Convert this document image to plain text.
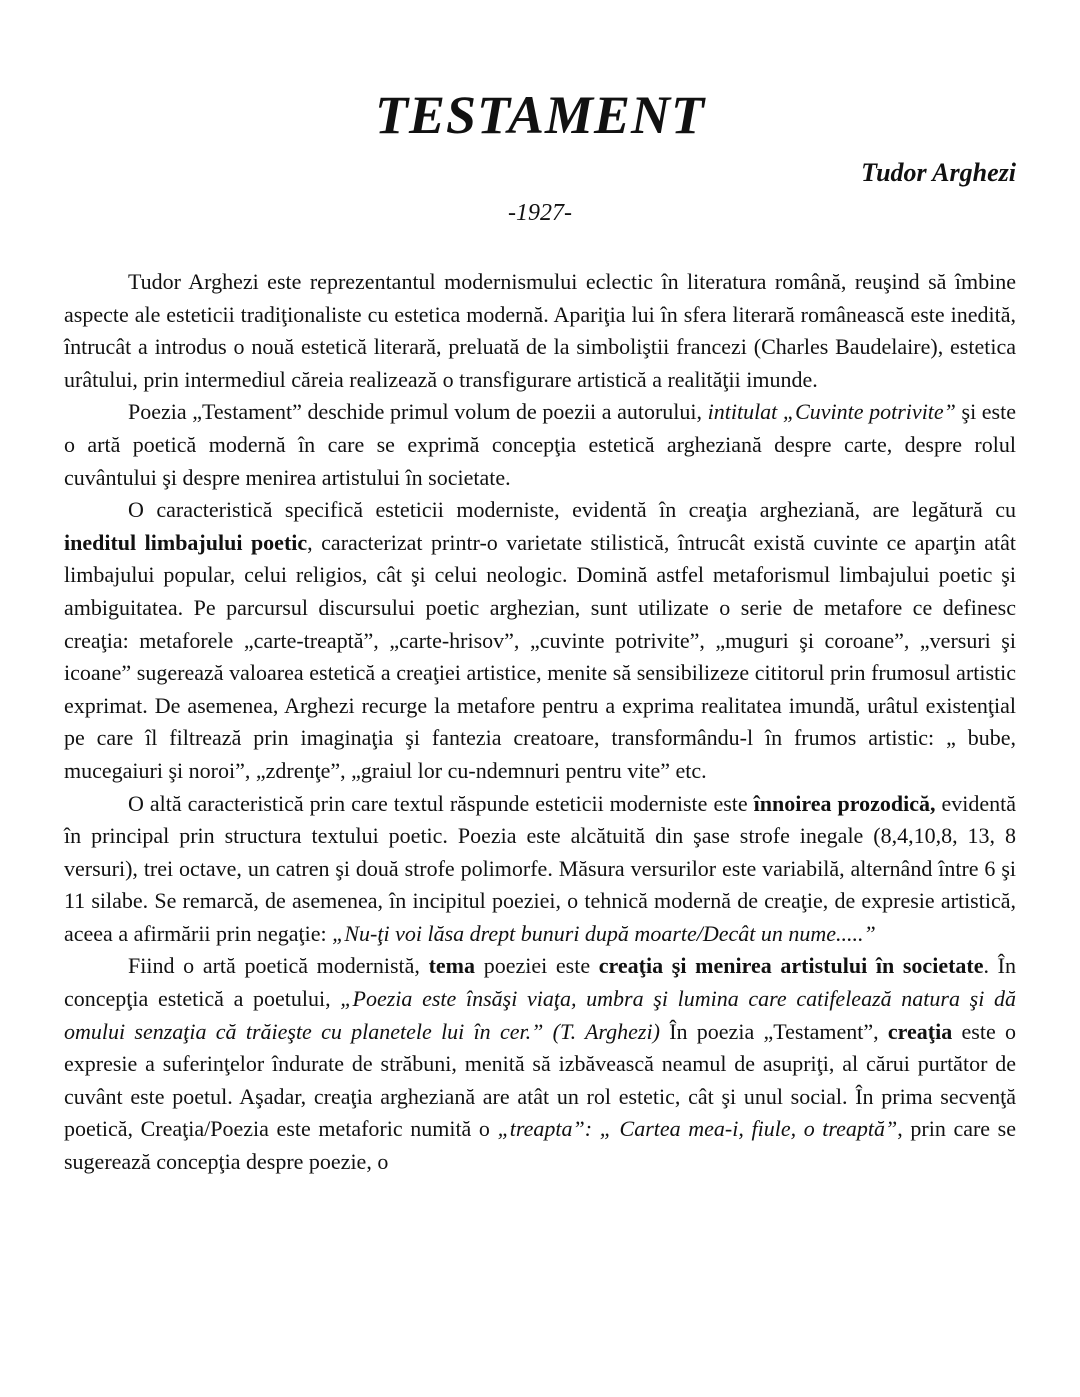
TESTAMENT

Tudor Arghezi

-1927-

Tudor Arghezi este reprezentantul modernismului eclectic în literatura română, reuşind să îmbine aspecte ale esteticii tradiţionaliste cu estetica modernă. Apariţia lui în sfera literară românească este inedită, întrucât a introdus o nouă estetică literară, preluată de la simboliştii francezi (Charles Baudelaire), estetica urâtului, prin intermediul căreia realizează o transfigurare artistică a realităţii imunde.

Poezia „Testament” deschide primul volum de poezii a autorului, intitulat „Cuvinte potrivite” şi este o artă poetică modernă în care se exprimă concepţia estetică argheziană despre carte, despre rolul cuvântului şi despre menirea artistului în societate.

O caracteristică specifică esteticii moderniste, evidentă în creaţia argheziană, are legătură cu ineditul limbajului poetic, caracterizat printr-o varietate stilistică, întrucât există cuvinte ce aparţin atât limbajului popular, celui religios, cât şi celui neologic. Domină astfel metaforismul limbajului poetic şi ambiguitatea. Pe parcursul discursului poetic arghezian, sunt utilizate o serie de metafore ce definesc creaţia: metaforele „carte-treaptă”, „carte-hrisov”, „cuvinte potrivite”, „muguri şi coroane”, „versuri şi icoane” sugerează valoarea estetică a creaţiei artistice, menite să sensibilizeze cititorul prin frumosul artistic exprimat. De asemenea, Arghezi recurge la metafore pentru a exprima realitatea imundă, urâtul existenţial pe care îl filtrează prin imaginaţia şi fantezia creatoare, transformându-l în frumos artistic: „ bube, mucegaiuri şi noroi”, „zdrenţe”, „graiul lor cu-ndemnuri pentru vite” etc.

O altă caracteristică prin care textul răspunde esteticii moderniste este înnoirea prozodică, evidentă în principal prin structura textului poetic. Poezia este alcătuită din şase strofe inegale (8,4,10,8, 13, 8 versuri), trei octave, un catren şi două strofe polimorfe. Măsura versurilor este variabilă, alternând între 6 şi 11 silabe. Se remarcă, de asemenea, în incipitul poeziei, o tehnică modernă de creaţie, de expresie artistică, aceea a afirmării prin negaţie: „Nu-ţi voi lăsa drept bunuri după moarte/Decât un nume.....”

Fiind o artă poetică modernistă, tema poeziei este creaţia şi menirea artistului în societate. În concepţia estetică a poetului, „Poezia este însăşi viaţa, umbra şi lumina care catifelează natura şi dă omului senzaţia că trăieşte cu planetele lui în cer.” (T. Arghezi) În poezia „Testament”, creaţia este o expresie a suferinţelor îndurate de străbuni, menită să izbăvească neamul de asupriţi, al cărui purtător de cuvânt este poetul. Aşadar, creaţia argheziană are atât un rol estetic, cât şi unul social. În prima secvenţă poetică, Creaţia/Poezia este metaforic numită o „treapta”: „ Cartea mea-i, fiule, o treaptă”, prin care se sugerează concepţia despre poezie, o
